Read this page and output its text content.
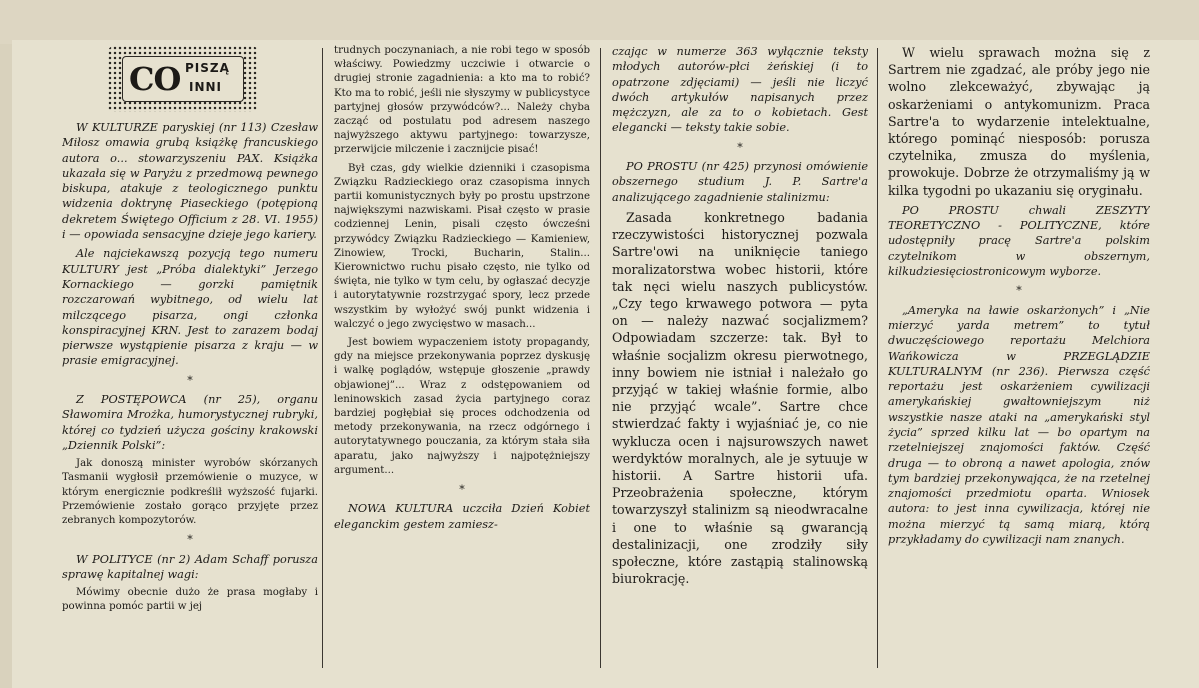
CO PISZĄ
INNI

W KULTURZE paryskiej (nr 113) Czesław Miłosz omawia grubą książkę francuskiego autora o... stowarzyszeniu PAX. Książka ukazała się w Paryżu z przedmową pewnego biskupa, atakuje z teologicznego punktu widzenia doktrynę Piaseckiego (potępioną dekretem Świętego Officium z 28. VI. 1955) i — opowiada sensacyjne dzieje jego kariery.

Ale najciekawszą pozycją tego numeru KULTURY jest „Próba dialektyki” Jerzego Kornackiego — gorzki pamiętnik rozczarowań wybitnego, od wielu lat milczącego pisarza, ongi członka konspiracyjnej KRN. Jest to zarazem bodaj pierwsze wystąpienie pisarza z kraju — w prasie emigracyjnej.

*

Z POSTĘPOWCA (nr 25), organu Sławomira Mrożka, humorystycznej rubryki, której co tydzień użycza gościny krakowski „Dziennik Polski”:

Jak donoszą minister wyrobów skórzanych Tasmanii wygłosił przemówienie o muzyce, w którym energicznie podkreślił wyższość fujarki. Przemówienie zostało gorąco przyjęte przez zebranych kompozytorów.

*

W POLITYCE (nr 2) Adam Schaff porusza sprawę kapitalnej wagi:

Mówimy obecnie dużo że prasa mogłaby i powinna pomóc partii w jej

trudnych poczynaniach, a nie robi tego w sposób właściwy. Powiedzmy uczciwie i otwarcie o drugiej stronie zagadnienia: a kto ma to robić? Kto ma to robić, jeśli nie słyszymy w publicystyce partyjnej głosów przywódców?... Należy chyba zacząć od postulatu pod adresem naszego najwyższego aktywu partyjnego: towarzysze, przerwijcie milczenie i zacznijcie pisać!

Był czas, gdy wielkie dzienniki i czasopisma Związku Radzieckiego oraz czasopisma innych partii komunistycznych były po prostu upstrzone największymi nazwiskami. Pisał często w prasie codziennej Lenin, pisali często ówcześni przywódcy Związku Radzieckiego — Kamieniew, Zinowiew, Trocki, Bucharin, Stalin... Kierownictwo ruchu pisało często, nie tylko od święta, nie tylko w tym celu, by ogłaszać decyzje i autorytatywnie rozstrzygać spory, lecz przede wszystkim by wyłożyć swój punkt widzenia i walczyć o jego zwycięstwo w masach...

Jest bowiem wypaczeniem istoty propagandy, gdy na miejsce przekonywania poprzez dyskusję i walkę poglądów, wstępuje głoszenie „prawdy objawionej”... Wraz z odstępowaniem od leninowskich zasad życia partyjnego coraz bardziej pogłębiał się proces odchodzenia od metody przekonywania, na rzecz odgórnego i autorytatywnego pouczania, za którym stała siła aparatu, jako najwyższy i najpotężniejszy argument...

*

NOWA KULTURA uczciła Dzień Kobiet eleganckim gestem zamiesz-

czając w numerze 363 wyłącznie teksty młodych autorów-płci żeńskiej (i to opatrzone zdjęciami) — jeśli nie liczyć dwóch artykułów napisanych przez mężczyzn, ale za to o kobietach. Gest elegancki — teksty takie sobie.

*

PO PROSTU (nr 425) przynosi omówienie obszernego studium J. P. Sartre'a analizującego zagadnienie stalinizmu:

Zasada konkretnego badania rzeczywistości historycznej pozwala Sartre'owi na uniknięcie taniego moralizatorstwa wobec historii, które tak nęci wielu naszych publicystów. „Czy tego krwawego potwora — pyta on — należy nazwać socjalizmem? Odpowiadam szczerze: tak. Był to właśnie socjalizm okresu pierwotnego, inny bowiem nie istniał i należało go przyjąć w takiej właśnie formie, albo nie przyjąć wcale”. Sartre chce stwierdzać fakty i wyjaśniać je, co nie wyklucza ocen i najsurowszych nawet werdyktów moralnych, ale je sytuuje w historii. A Sartre historii ufa. Przeobrażenia społeczne, którym towarzyszył stalinizm są nieodwracalne i one to właśnie są gwarancją destalinizacji, one zrodziły siły społeczne, które zastąpią stalinowską biurokrację.

W wielu sprawach można się z Sartrem nie zgadzać, ale próby jego nie wolno zlekceważyć, zbywając ją oskarżeniami o antykomunizm. Praca Sartre'a to wydarzenie intelektualne, którego pominąć niesposób: porusza czytelnika, zmusza do myślenia, prowokuje. Dobrze że otrzymaliśmy ją w kilka tygodni po ukazaniu się oryginału.

PO PROSTU chwali ZESZYTY TEORETYCZNO - POLITYCZNE, które udostępniły pracę Sartre'a polskim czytelnikom w obszernym, kilkudziesięciostronicowym wyborze.

*

„Ameryka na ławie oskarżonych” i „Nie mierzyć yarda metrem” to tytuł dwuczęściowego reportażu Melchiora Wańkowicza w PRZEGLĄDZIE KULTURALNYM (nr 236). Pierwsza część reportażu jest oskarżeniem cywilizacji amerykańskiej gwałtowniejszym niż wszystkie nasze ataki na „amerykański styl życia” sprzed kilku lat — bo opartym na rzetelniejszej znajomości faktów. Część druga — to obroną a nawet apologia, znów tym bardziej przekonywająca, że na rzetelnej znajomości przedmiotu oparta. Wniosek autora: to jest inna cywilizacja, której nie można mierzyć tą samą miarą, którą przykładamy do cywilizacji nam znanych.
